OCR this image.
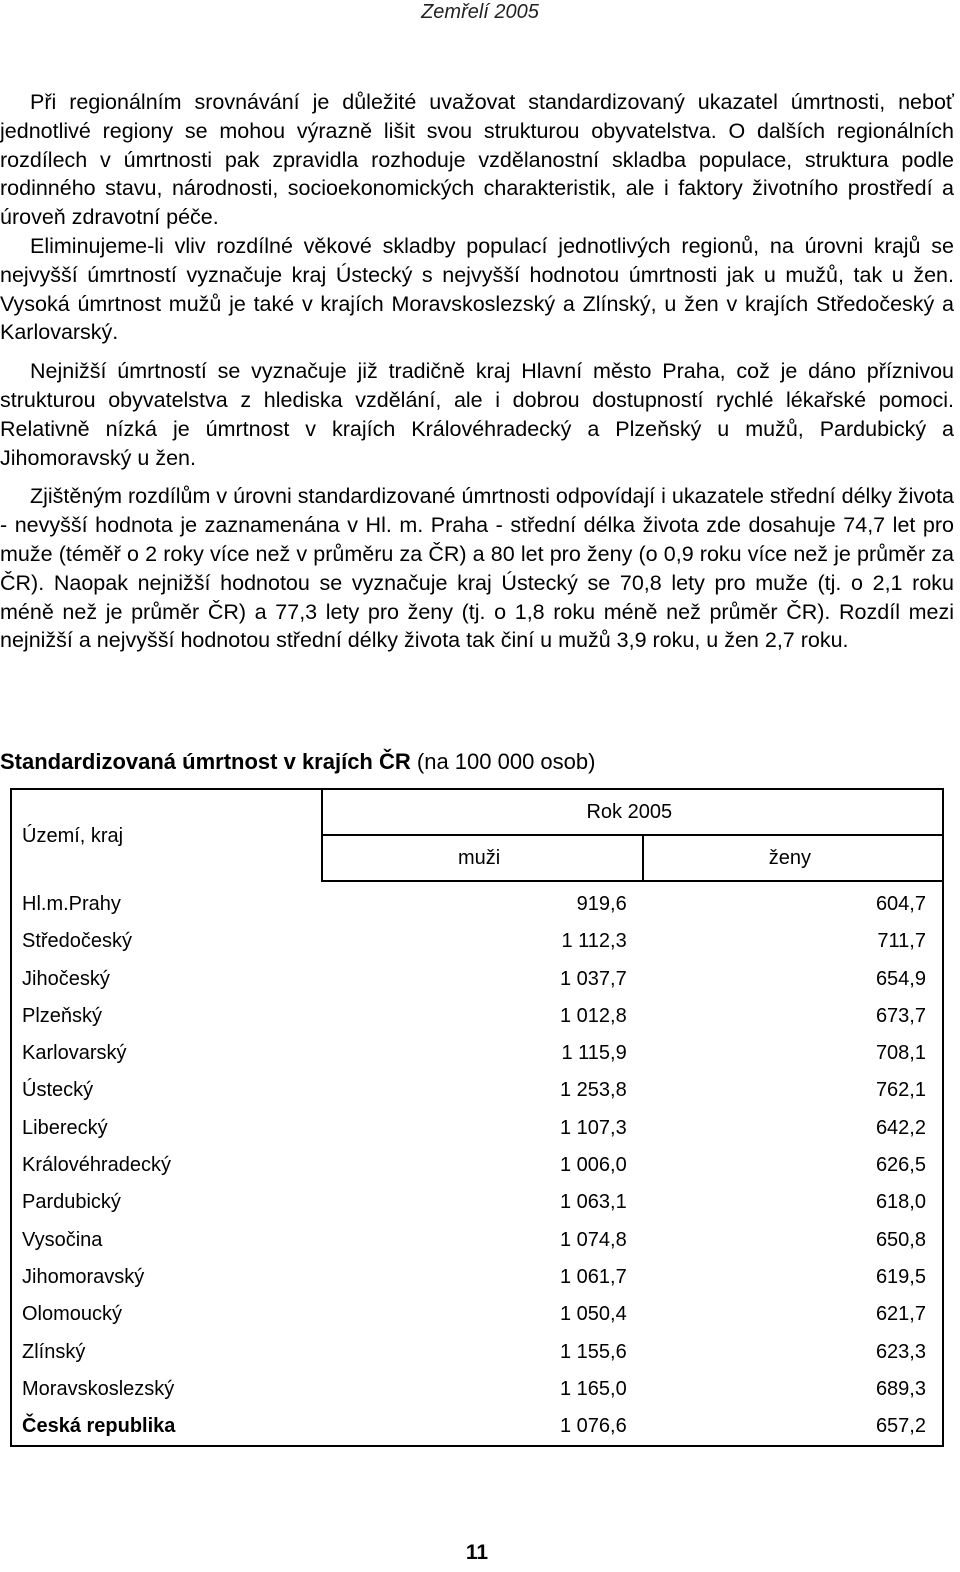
Zemřelí 2005

Při regionálním srovnávání je důležité uvažovat standardizovaný ukazatel úmrtnosti, neboť jednotlivé regiony se mohou výrazně lišit svou strukturou obyvatelstva. O dalších regionálních rozdílech v úmrtnosti pak zpravidla rozhoduje vzdělanostní skladba populace, struktura podle rodinného stavu, národnosti, socioekonomických charakteristik, ale i faktory životního prostředí a úroveň zdravotní péče.

Eliminujeme-li vliv rozdílné věkové skladby populací jednotlivých regionů, na úrovni krajů se nejvyšší úmrtností vyznačuje kraj Ústecký s nejvyšší hodnotou úmrtnosti jak u mužů, tak u žen. Vysoká úmrtnost mužů je také v krajích Moravskoslezský a Zlínský, u žen v krajích Středočeský a Karlovarský.

Nejnižší úmrtností se vyznačuje již tradičně kraj Hlavní město Praha, což je dáno příznivou strukturou obyvatelstva z hlediska vzdělání, ale i dobrou dostupností rychlé lékařské pomoci. Relativně nízká je úmrtnost v krajích Královéhradecký a Plzeňský u mužů, Pardubický a Jihomoravský u žen.

Zjištěným rozdílům v úrovni standardizované úmrtnosti odpovídají i ukazatele střední délky života - nevyšší hodnota je zaznamenána v Hl. m. Praha - střední délka života zde dosahuje 74,7 let pro muže (téměř o 2 roky více než v průměru za ČR) a 80 let pro ženy (o 0,9 roku více než je průměr za ČR). Naopak nejnižší hodnotou se vyznačuje kraj Ústecký se 70,8 lety pro muže (tj. o 2,1 roku méně než je průměr ČR) a 77,3 lety pro ženy (tj. o 1,8 roku méně než průměr ČR). Rozdíl mezi nejnižší a nejvyšší hodnotou střední délky života tak činí u mužů 3,9 roku, u žen 2,7 roku.

Standardizovaná úmrtnost v krajích ČR (na 100 000 osob)
Území, kraj	Rok 2005	
	muži	ženy
Hl.m.Prahy	919,6	604,7
Středočeský	1 112,3	711,7
Jihočeský	1 037,7	654,9
Plzeňský	1 012,8	673,7
Karlovarský	1 115,9	708,1
Ústecký	1 253,8	762,1
Liberecký	1 107,3	642,2
Královéhradecký	1 006,0	626,5
Pardubický	1 063,1	618,0
Vysočina	1 074,8	650,8
Jihomoravský	1 061,7	619,5
Olomoucký	1 050,4	621,7
Zlínský	1 155,6	623,3
Moravskoslezský	1 165,0	689,3
Česká republika	1 076,6	657,2
11
